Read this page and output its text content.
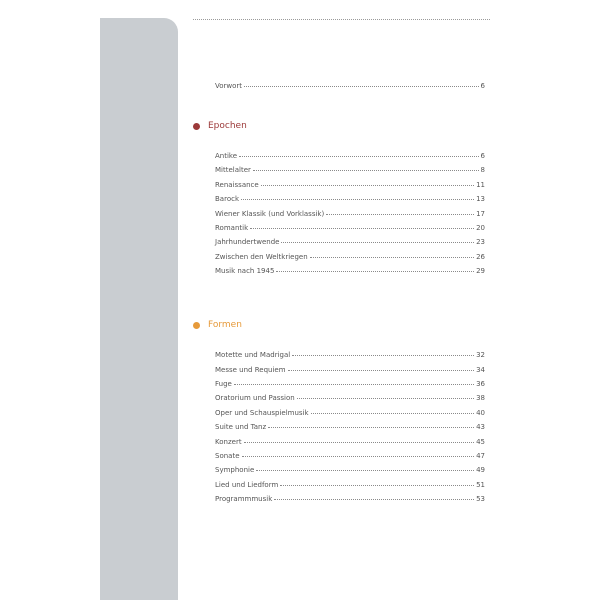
Vorwort	6
Epochen
Antike	6
Mittelalter	8
Renaissance	11
Barock	13
Wiener Klassik (und Vorklassik)	17
Romantik	20
Jahrhundertwende	23
Zwischen den Weltkriegen	26
Musik nach 1945	29
Formen
Motette und Madrigal	32
Messe und Requiem	34
Fuge	36
Oratorium und Passion	38
Oper und Schauspielmusik	40
Suite und Tanz	43
Konzert	45
Sonate	47
Symphonie	49
Lied und Liedform	51
Programmmusik	53
